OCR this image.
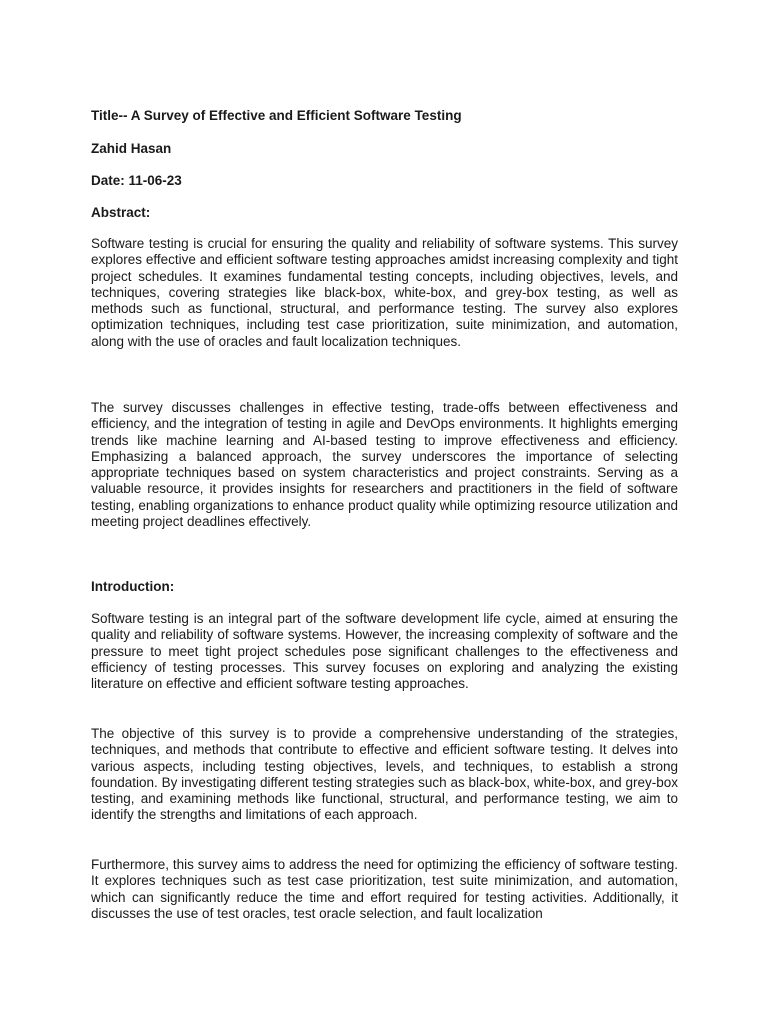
Title-- A Survey of Effective and Efficient Software Testing
Zahid Hasan
Date: 11-06-23
Abstract:

Software testing is crucial for ensuring the quality and reliability of software systems. This survey explores effective and efficient software testing approaches amidst increasing complexity and tight project schedules. It examines fundamental testing concepts, including objectives, levels, and techniques, covering strategies like black-box, white-box, and grey-box testing, as well as methods such as functional, structural, and performance testing. The survey also explores optimization techniques, including test case prioritization, suite minimization, and automation, along with the use of oracles and fault localization techniques.

The survey discusses challenges in effective testing, trade-offs between effectiveness and efficiency, and the integration of testing in agile and DevOps environments. It highlights emerging trends like machine learning and AI-based testing to improve effectiveness and efficiency. Emphasizing a balanced approach, the survey underscores the importance of selecting appropriate techniques based on system characteristics and project constraints. Serving as a valuable resource, it provides insights for researchers and practitioners in the field of software testing, enabling organizations to enhance product quality while optimizing resource utilization and meeting project deadlines effectively.

Introduction:

Software testing is an integral part of the software development life cycle, aimed at ensuring the quality and reliability of software systems. However, the increasing complexity of software and the pressure to meet tight project schedules pose significant challenges to the effectiveness and efficiency of testing processes. This survey focuses on exploring and analyzing the existing literature on effective and efficient software testing approaches.

The objective of this survey is to provide a comprehensive understanding of the strategies, techniques, and methods that contribute to effective and efficient software testing. It delves into various aspects, including testing objectives, levels, and techniques, to establish a strong foundation. By investigating different testing strategies such as black-box, white-box, and grey-box testing, and examining methods like functional, structural, and performance testing, we aim to identify the strengths and limitations of each approach.

Furthermore, this survey aims to address the need for optimizing the efficiency of software testing. It explores techniques such as test case prioritization, test suite minimization, and automation, which can significantly reduce the time and effort required for testing activities. Additionally, it discusses the use of test oracles, test oracle selection, and fault localization
